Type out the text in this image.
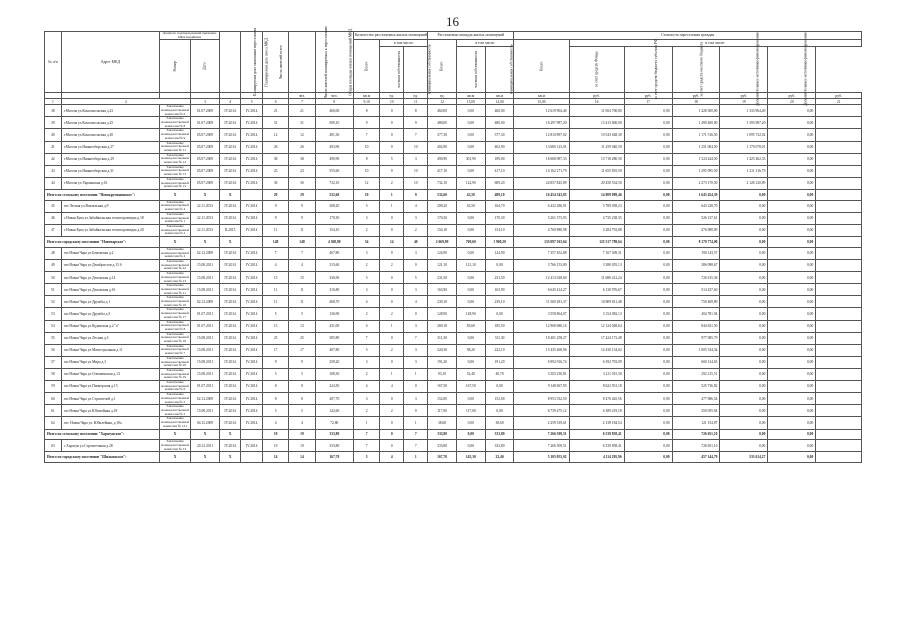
16
№ п/п	Адрес МКД	Документ, подтверждающий признание МКД аварийным		Планируемая дата окончания переселения	Планируемая дата сноса МКД	Число жителей всего	Число жителей планируемых к переселению	Общая площадь жилых помещений МКД	Количество расселяемых жилых помещений			Расселяемая площадь жилых помещений			Стоимость переселения граждан						
		Номер	Дата						Всего	в том числе:		Всего	в том числе:		Всего	в том числе:					
										частная собственность	муниципальная собственность		частная собственность	муниципальная собственность		за счет средств Фонда	за счет средств бюджета субъекта РФ	за счет средств местного бюджета	Дополнительные источники финансирования	Дополнительные источники финансирования	
							чел.	чел.	кв.м	ед.	ед.	ед.	кв.м	кв.м	кв.м	руб.	руб.	руб.	руб.	руб.	руб.
1	2		3	4	5	6	7	8	9,10	10	11	12	13,00	14,00	15,00	16	17	18	19	20	21
38	г.Могоча ул.Комсомольская д.23	Заключение межведомственной комиссии № 6	01.07.2009	IV.2014	IV.2014	21	21	460,00	8	0	8	460,00	0,00	460,00	12 619 904,40	11 004 700,80	0,00	1 428 300,00	1 333 964,40	0,00	
39	г.Могоча ул.Комсомольская д.25	Заключение межведомственной комиссии № 8	01.07.2009	IV.2014	IV.2014	31	31	509,10	9	0	9	480,00	0,00	480,00	16 297 987,20	13 413 600,00	0,00	1 490 400,00	1 393 987,20	0,00	
40	г.Могоча ул.Комсомольская д.30	Заключение межведомственной комиссии № 9	05.07.2009	IV.2014	IV.2014	12	12	481,30	7	0	7	377,30	0,00	377,30	12 810 897,02	10 543 648,30	0,00	1 171 516,50	1 095 732,02	0,00	
41	г.Могоча ул.Нижнеоборская д.27	Заключение межведомственной комиссии № 11	05.07.2009	IV.2014	IV.2014	26	26	493,90	10	0	10	402,90	0,00	402,90	13 680 123,01	11 259 040,50	0,00	1 251 004,50	1 170 078,01	0,00	
42	г.Могоча ул.Нижнеоборская д.29	Заключение межведомственной комиссии № 12	05.07.2009	IV.2014	IV.2014	38	38	490,90	8	5	3	490,90	301,90	189,00	16 668 087,33	13 718 280,50	0,00	1 524 244,50	1 425 462,33	0,00	
43	г.Могоча ул.Нижнеоборская д.31	Заключение межведомственной комиссии № 13	05.07.2009	IV.2014	IV.2014	23	23	555,60	10	0	10	417,10	0,00	417,10	14 162 271,79	11 655 855,50	0,00	1 295 095,50	1 211 316,79	0,00	
44	г.Могоча ул.Украинская д.16	Заключение межведомственной комиссии № 15	05.07.2009	IV.2014	IV.2014	30	30	732,10	12	2	10	732,10	122,90	609,20	24 857 825,89	20 458 534,50	0,00	2 273 170,50	2 126 120,89	0,00	
Итого по сельскому поселению "Новокручининское":		X	X	X		29	29	532,60	10	1	9	532,60	43,50	489,10	16 454 543,85	14 809 089,46	0,00	1 645 454,39	0,00	0,00	
45	пгт.Лесная ул.Вокзальная д.9	Заключение межведомственной комиссии № 4	22.11.2013	IV.2014	IV.2014	9	9	208,20	5	1	4	208,20	43,50	164,70	6 432 286,91	5 789 058,23	0,00	643 228,70	0,00	0,00	
46	с.Новая Кука ул.Забайкальская геологоразведка д.18	Заключение межведомственной комиссии № 1	22.11.2013	IV.2014	IV.2014	9	9	170,30	3	0	3	170,30	0,00	170,30	5 261 373,93	4 735 238,35	0,00	526 137,61	0,00	0,00	
47	с.Новая Кука ул.Забайкальская геологоразведка д.20	Заключение межведомственной комиссии № 2	22.11.2013	II.2015	IV.2014	11	11	154,10	2	0	2	154,10	0,00	154,10	4 760 880,98	4 284 792,88	0,00	476 088,09	0,00	0,00	
Итого по городскому поселению "Новочарское":		X	X	X		148	148	4 368,80	54	14	40	2 669,90	769,60	1 900,20	133 097 563,64	125 517 789,64	0,00	8 179 774,00	0,00	0,00	
48	пгт.Новая Чара ул.Бамовская д.2	Заключение межведомственной комиссии № 4	02.12.2009	IV.2014	IV.2014	7	7	467,80	3	0	3	124,90	0,00	124,90	7 357 452,88	7 167 309,31	0,00	190 143,57	0,00	0,00	
49	пгт.Новая Чара ул.Декабристов д.13 б	Заключение межведомственной комиссии № 22	15.08.2011	IV.2014	IV.2014	4	4	315,60	2	2	0	121,10	121,10	0,00	3 766 153,80	3 380 055,13	0,00	386 098,67	0,00	0,00	
50	пгт.Новая Чара ул.Деповская д.14	Заключение межведомственной комиссии № 23	15.08.2011	IV.2014	IV.2014	15	15	336,90	5	0	5	231,50	0,00	231,50	12 413 028,60	11 686 412,24	0,00	726 615,36	0,00	0,00	
51	пгт.Новая Чара ул.Деповская д.16	Заключение межведомственной комиссии № 21	15.08.2011	IV.2014	IV.2014	11	11	316,80	3	0	3	163,90	0,00	163,90	6 645 414,27	6 130 976,67	0,00	514 437,60	0,00	0,00	
52	пгт.Новая Чара ул.Дружбы д.1	Заключение межведомственной комиссии № 10	02.12.2009	IV.2014	IV.2014	11	11	468,70	4	0	4	239,10	0,00	239,10	11 560 281,37	10 809 811,48	0,00	750 469,89	0,00	0,00	
53	пгт.Новая Чара ул.Дружбы д.5	Заключение межведомственной комиссии № 17	01.07.2011	IV.2014	IV.2014	5	5	136,90	2	2	0	128,90	128,90	0,00	3 558 864,07	3 154 082,13	0,00	404 781,94	0,00	0,00	
54	пгт.Новая Чара ул.Кудыкская д.2 "а"	Заключение межведомственной комиссии № 8	01.07.2011	IV.2014	IV.2014	13	13	431,00	4	1	3	269,10	83,60	185,50	12 968 680,14	12 124 048,64	0,00	844 631,50	0,00	0,00	
55	пгт.Новая Чара ул.Лесная д.3	Заключение межведомственной комиссии № 18	15.08.2011	IV.2014	IV.2014	25	25	385,80	7	0	7	311,30	0,00	311,30	18 401 258,27	17 424 172,48	0,00	977 085,79	0,00	0,00	
56	пгт.Новая Чара ул.Магистральная д.11	Заключение межведомственной комиссии № 7	15.08.2011	IV.2014	IV.2014	17	17	407,80	5	2	3	320,30	98,20	222,10	15 435 468,96	14 430 134,62	0,00	1 005 334,34	0,00	0,00	
57	пгт.Новая Чара ул.Мира д.3	Заключение межведомственной комиссии № 20	15.08.2011	IV.2014	IV.2014	9	9	258,20	3	0	3	191,20	0,00	191,20	6 992 916,74	6 392 792,09	0,00	600 124,65	0,00	0,00	
58	пгт.Новая Чара ул.Олекминская д.14	Заключение межведомственной комиссии № 19	15.08.2011	IV.2014	IV.2014	5	5	108,30	2	1	1	93,10	52,40	40,70	3 503 230,81	3 211 015,30	0,00	292 215,51	0,00	0,00	
59	пгт.Новая Чара ул.Пионерская д.15	Заключение межведомственной комиссии № 6	01.07.2011	IV.2014	IV.2014	8	8	224,50	4	4	0	167,50	167,50	0,00	9 148 667,95	8 622 931,18	0,00	525 736,82	0,00	0,00	
60	пгт.Новая Чара ул.Строителей д.1	Заключение межведомственной комиссии № 5	02.12.2009	IV.2014	IV.2014	8	8	407,70	3	0	3	152,00	0,00	152,00	8 953 532,50	8 476 445,56	0,00	477 086,54	0,00	0,00	
61	пгт.Новая Чара ул.Юбилейная д.18	Заключение межведомственной комиссии № 2	15.08.2011	IV.2014	IV.2014	5	5	142,60	2	2	0	117,00	117,00	0,00	6 739 475,12	6 389 419,18	0,00	350 055,94	0,00	0,00	
62	пгт. Новая Чара ул. Юбилейная, д.10а	Заключение межведомственной комиссии № 131	04.12.2009	IV.2014	IV.2014	4	4	72,80	1	0	1	38,60	0,00	38,60	2 259 339,61	2 138 184,54	0,00	121 154,87	0,00	0,00	
Итого по сельскому поселению "Харагунское":		X	X	X		19	19	333,80	7	0	7	333,80	0,00	333,80	7 266 509,51	6 539 858,41	0,00	726 651,10	0,00	0,00	
63	с.Харагун ул.Строительная д.28	Заключение межведомственной комиссии № 13	20.12.2011	IV.2014	IV.2014	19	19	333,80	7	0	7	333,80	0,00	333,80	7 266 509,51	6 539 858,41	0,00	726 651,10	0,00	0,00	
Итого по городскому поселению "Шилкинское":		X	X	X		14	14	167,70	5	4	1	167,70	145,30	22,40	5 105 055,02	4 114 295,96	0,00	457 144,79	533 614,27	0,00	
